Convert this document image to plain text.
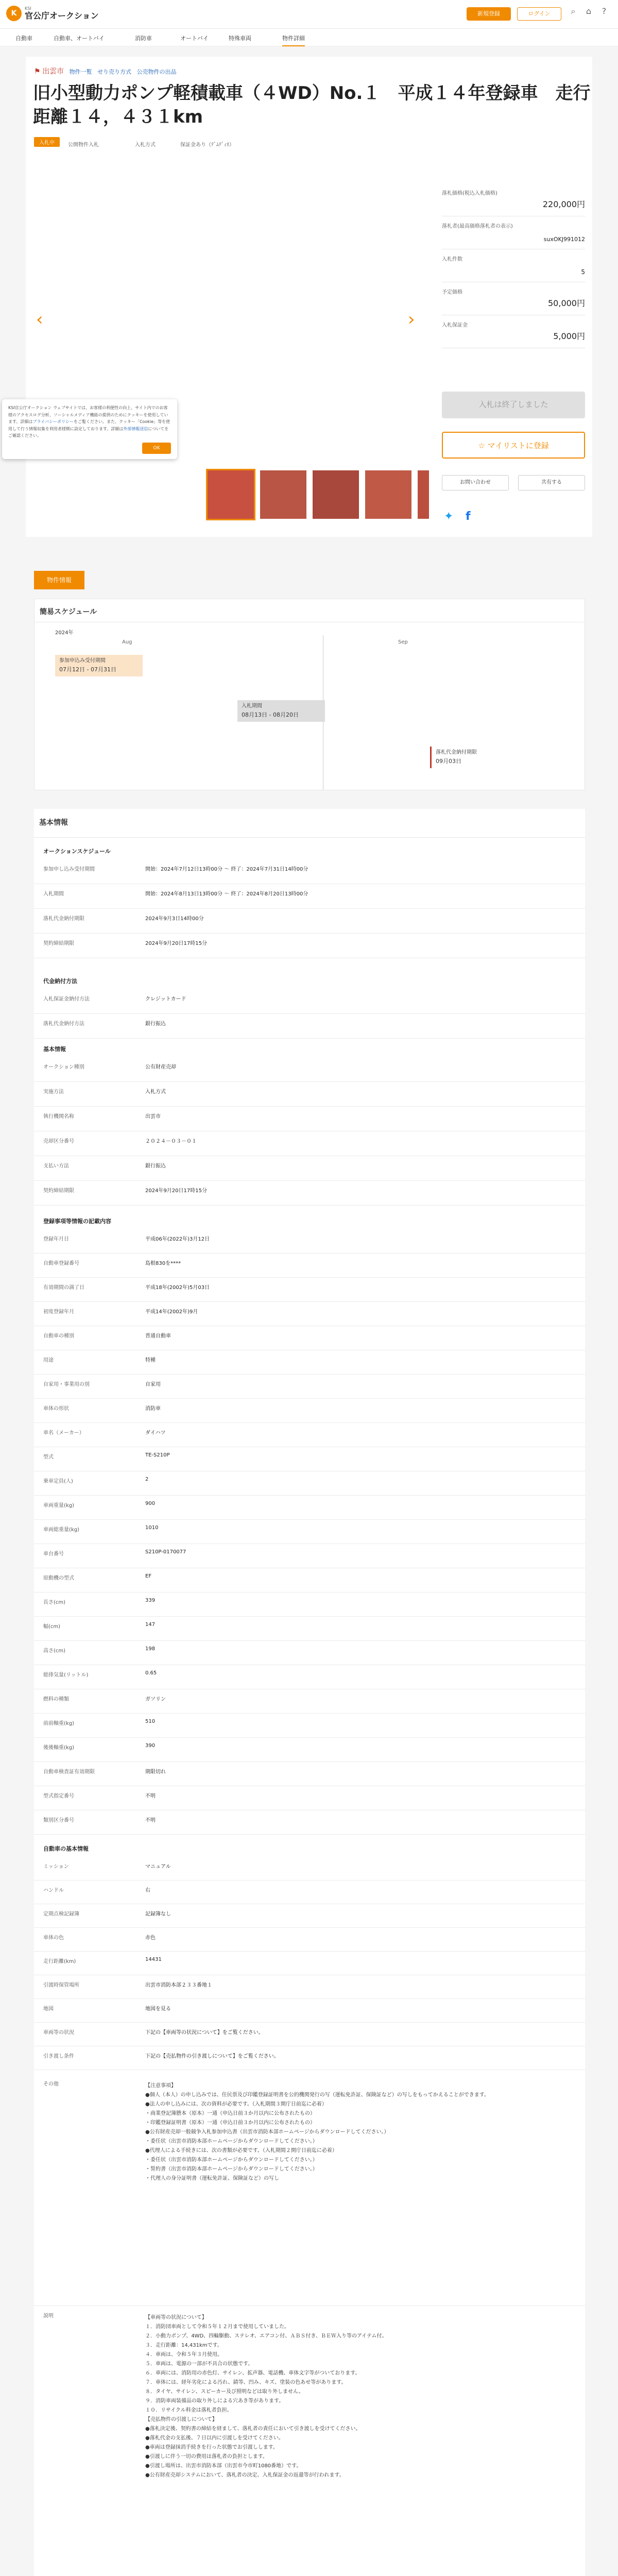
K
KSI
官公庁オークション	新規登録	ログイン	⌕	⌂	?
自動車	自動車、オートバイ	消防車	オートバイ	特殊車両	物件詳細
⚑ 出雲市 物件一覧 せり売り方式 公売物件の出品
旧小型動力ポンプ軽積載車（４WD）No.１　平成１４年登録車　走行距離１４，４３１km
入札中	公開物件入札	入札方式	保証金あり（ﾃﾞﾑﾃﾞｨﾈ）
‹	›
KSI官公庁オークション ウェブサイトでは、お客様の利便性の向上、サイト内でのお客様のアクセスログ分析、ソーシャルメディア機能の提供のためにクッキーを使用しています。詳細はプライバシーポリシーをご覧ください。また、クッキー「Cookie」等を使用して行う情報収集を利用者様側に設定しております。詳細は外部情報送信についてをご確認ください。
OK
落札価格(税込入札価格)
220,000円
落札者(最高価格落札者の表示)
suxOKJ991012
入札件数
5
予定価格
50,000円
入札保証金
5,000円
入札は終了しました
☆ マイリストに登録
お問い合わせ	共有する
✦ f
物件情報
簡易スケジュール
2024年
Aug	Sep
参加申込み受付期間
07月12日 - 07月31日
入札期間
08月13日 - 08月20日
落札代金納付期限
09月03日
基本情報
オークションスケジュール
参加申し込み受付期間	開始：2024年7月12日13時00分 〜 終了：2024年7月31日14時00分
入札期間	開始：2024年8月13日13時00分 〜 終了：2024年8月20日13時00分
落札代金納付期限	2024年9月3日14時00分
契約締結期限	2024年9月20日17時15分
代金納付方法
入札保証金納付方法	クレジットカード
落札代金納付方法	銀行振込
基本情報
オークション種別	公有財産売却
実施方法	入札方式
執行機関名称	出雲市
売却区分番号	２０２４－０３－０１
支払い方法	銀行振込
契約締結期限	2024年9月20日17時15分
登録事項等情報の記載内容
登録年月日	平成06年(2022年)3月12日
自動車登録番号	島根830を****
有効期間の満了日	平成18年(2002年)5月03日
初度登録年月	平成14年(2002年)9月
自動車の種別	普通自動車
用途	特種
自家用・事業用の別	自家用
車体の形状	消防車
車名（メーカー）	ダイハツ
型式	TE-S210P
乗車定員(人)	2
車両重量(kg)	900
車両総重量(kg)	1010
車台番号	S210P-0170077
原動機の型式	EF
長さ(cm)	339
幅(cm)	147
高さ(cm)	198
総排気量(リットル)	0.65
燃料の種類	ガソリン
前前軸重(kg)	510
後後軸重(kg)	390
自動車検査証有効期限	期限切れ
型式指定番号	不明
類別区分番号	不明
自動車の基本情報
ミッション	マニュアル
ハンドル	右
定期点検記録簿	記録簿なし
車体の色	赤色
走行距離(km)	14431
引渡時保管場所	出雲市消防本部２３３番地１
地図	地図を見る
車両等の状況	下記の【車両等の状況について】をご覧ください。
引き渡し条件	下記の【売払物件の引き渡しについて】をご覧ください。
その他	【注意事項】
●個人（本人）の申し込みでは、住民票及び印鑑登録証明書を公的機関発行の写（運転免許証、保険証など）の写しをもってかえることができます。
●法人の申し込みには、次の資料が必要です。（入札期間３開庁日前迄に必着）
・商業登記簿謄本（原本）一通（申込日前３か月以内に公布されたもの）
・印鑑登録証明書（原本）一通（申込日前３か月以内に公布されたもの）
●公有財産売却一般競争入札参加申込書（出雲市消防本部ホームページからダウンロードしてください。）
・委任状（出雲市消防本部ホームページからダウンロードしてください。）
●代理人による手続きには、次の書類が必要です。（入札期間２開庁日前迄に必着）
・委任状（出雲市消防本部ホームページからダウンロードしてください。）
・誓約書（出雲市消防本部ホームページからダウンロードしてください。）
・代理人の身分証明書（運転免許証、保険証など）の写し
説明	【車両等の状況について】
１．消防団車両として令和５年１２月まで使用していました。
２．小動力ポンプ、4WD、四輪駆動、ステレオ、エアコン付、ＡＢＳ付き、ＢＥＷ入り等のアイテム付。
３．走行距離：14,431kmです。
４．車両は、令和５年３月使用。
５．車両は、電源の一部が不具合の状態です。
６．車両には、消防用の赤色灯、サイレン、拡声器、電話機、車体文字等がついております。
７．車体には、経年劣化による汚れ、錆等、凹み、キズ、塗装の色あせ等があります。
８．タイヤ、サイレン、スピーカー及び照明などは取り外しません。
９．消防車両装備品の取り外しによる穴あき等があります。
１０．リサイクル料金は落札者負担。
【売払物件の引渡しについて】
●落札決定後、契約書の締結を経まして、落札者の責任において引き渡しを受けてください。
●落札代金の支払後、７日以内に引渡しを受けてください。
●車両は登録抹消手続きを行った状態でお引渡しします。
●引渡しに伴う一切の費用は落札者の負担とします。
●引渡し場所は、出雲市消防本部（出雲市今市町1080番地）です。
●公有財産売却システムにおいて、落札者の決定、入札保証金の返還等が行われます。
